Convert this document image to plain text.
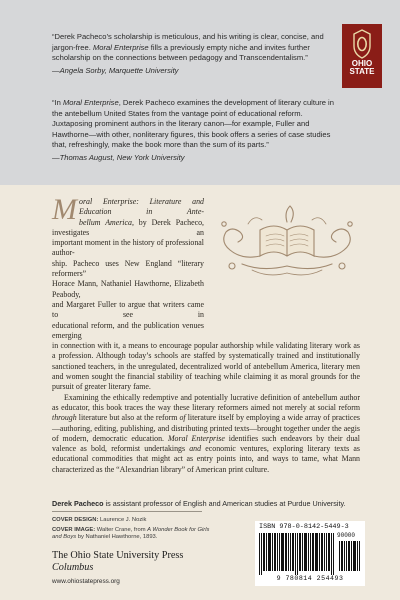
OHIO
STATE
“Derek Pacheco’s scholarship is meticulous, and his writing is clear, concise, and jargon-free. Moral Enterprise fills a previously empty niche and invites further scholarship on the connections between pedagogy and Transcendentalism.”
—Angela Sorby, Marquette University
“In Moral Enterprise, Derek Pacheco examines the development of literary culture in the antebellum United States from the vantage point of educational reform. Juxtaposing prominent authors in the literary canon—for example, Fuller and Hawthorne—with other, nonliterary figures, this book offers a series of case studies that, refreshingly, make the book more than the sum of its parts.”
—Thomas August, New York University
M oral Enterprise: Literature and Education in Ante-
bellum America, by Derek Pacheco, investigates an
important moment in the history of professional author-
ship. Pacheco uses New England “literary reformers”
Horace Mann, Nathaniel Hawthorne, Elizabeth Peabody,
and Margaret Fuller to argue that writers came to see in
educational reform, and the publication venues emerging
in connection with it, a means to encourage popular authorship while validating literary work as a profession. Although today’s schools are staffed by systematically trained and institutionally sanctioned teachers, in the unregulated, decentralized world of antebellum America, literary men and women sought the financial stability of teaching while claiming it as moral grounds for the pursuit of greater literary fame.
Examining the ethically redemptive and potentially lucrative definition of antebellum author as educator, this book traces the way these literary reformers aimed not merely at social reform through literature but also at the reform of literature itself by employing a wide array of practices—authoring, editing, publishing, and distributing printed texts—brought together under the aegis of modern, democratic education. Moral Enterprise identifies such endeavors by their dual valence as bold, reformist undertakings and economic ventures, exploring literary texts as educational commodities that might act as entry points into, and ways to tame, what Mann characterized as the “Alexandrian library” of American print culture.
Derek Pacheco is assistant professor of English and American studies at Purdue University.
COVER DESIGN: Laurence J. Nozik
COVER IMAGE: Walter Crane, from A Wonder Book for Girls and Boys by Nathaniel Hawthorne, 1893.
The Ohio State University Press
Columbus
www.ohiostatepress.org
ISBN 978-0-8142-5449-3
90000
9 780814 254493
